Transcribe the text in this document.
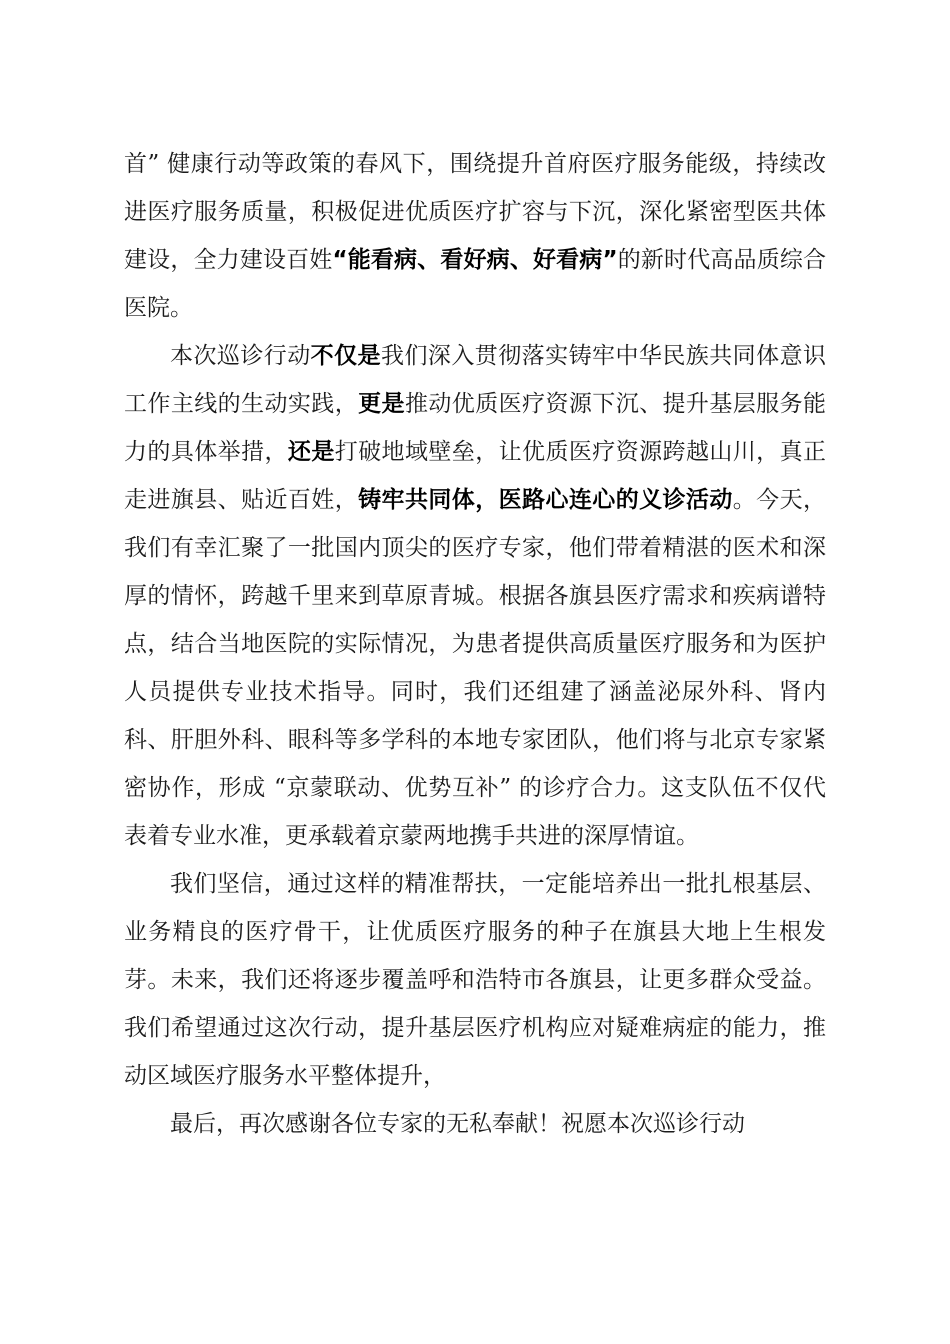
首” 健康行动等政策的春风下，围绕提升首府医疗服务能级，持续改进医疗服务质量，积极促进优质医疗扩容与下沉，深化紧密型医共体建设，全力建设百姓“能看病、看好病、好看病”的新时代高品质综合医院。

本次巡诊行动不仅是我们深入贯彻落实铸牢中华民族共同体意识工作主线的生动实践，更是推动优质医疗资源下沉、提升基层服务能力的具体举措，还是打破地域壁垒，让优质医疗资源跨越山川，真正走进旗县、贴近百姓，铸牢共同体，医路心连心的义诊活动。今天，我们有幸汇聚了一批国内顶尖的医疗专家，他们带着精湛的医术和深厚的情怀，跨越千里来到草原青城。根据各旗县医疗需求和疾病谱特点，结合当地医院的实际情况，为患者提供高质量医疗服务和为医护人员提供专业技术指导。同时，我们还组建了涵盖泌尿外科、肾内科、肝胆外科、眼科等多学科的本地专家团队，他们将与北京专家紧密协作，形成 “京蒙联动、优势互补” 的诊疗合力。这支队伍不仅代表着专业水准，更承载着京蒙两地携手共进的深厚情谊。

我们坚信，通过这样的精准帮扶，一定能培养出一批扎根基层、业务精良的医疗骨干，让优质医疗服务的种子在旗县大地上生根发芽。未来，我们还将逐步覆盖呼和浩特市各旗县，让更多群众受益。我们希望通过这次行动，提升基层医疗机构应对疑难病症的能力，推动区域医疗服务水平整体提升，

最后，再次感谢各位专家的无私奉献！祝愿本次巡诊行动
